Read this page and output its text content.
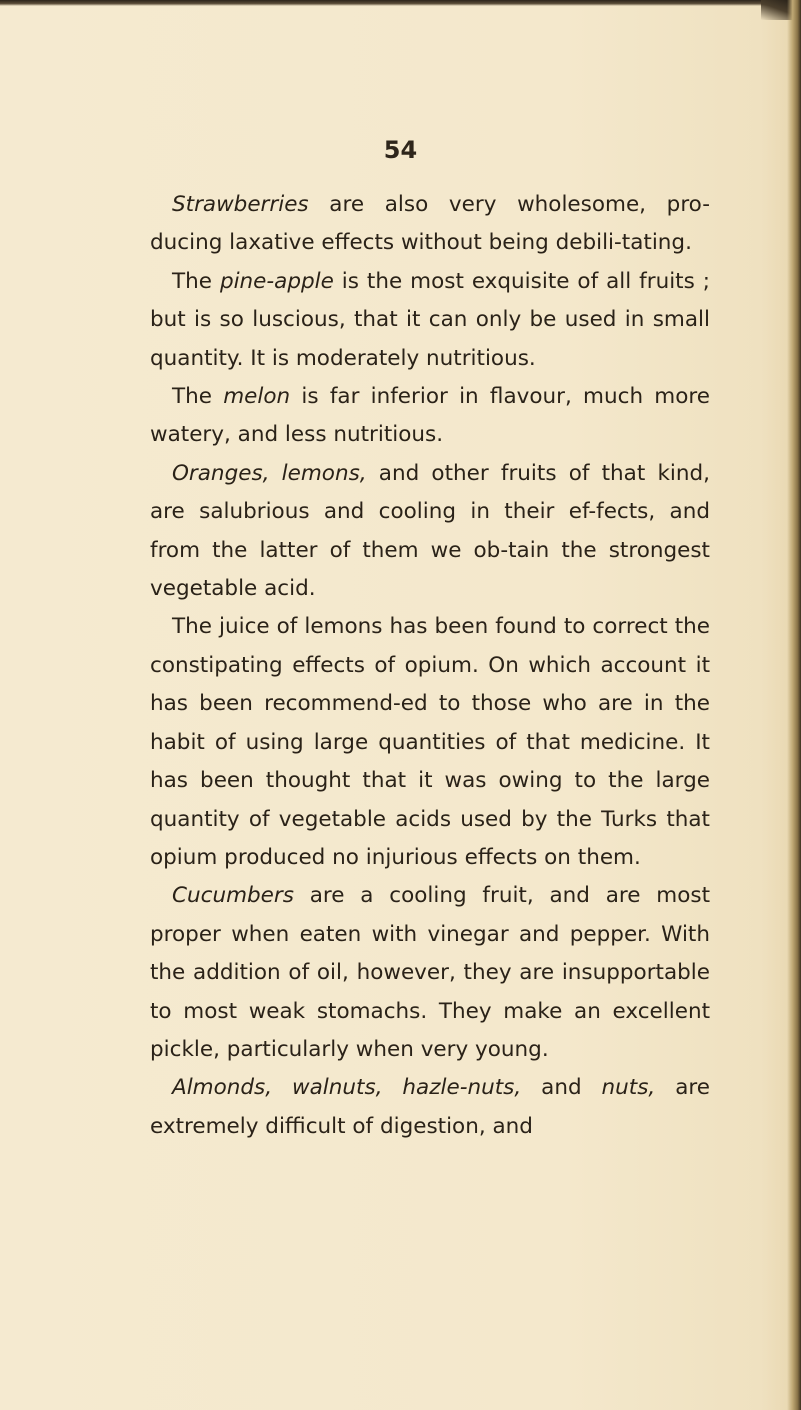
54

Strawberries are also very wholesome, pro-ducing laxative effects without being debili-tating.

The pine-apple is the most exquisite of all fruits ; but is so luscious, that it can only be used in small quantity. It is moderately nutritious.

The melon is far inferior in flavour, much more watery, and less nutritious.

Oranges, lemons, and other fruits of that kind, are salubrious and cooling in their ef-fects, and from the latter of them we ob-tain the strongest vegetable acid.

The juice of lemons has been found to correct the constipating effects of opium. On which account it has been recommend-ed to those who are in the habit of using large quantities of that medicine. It has been thought that it was owing to the large quantity of vegetable acids used by the Turks that opium produced no injurious effects on them.

Cucumbers are a cooling fruit, and are most proper when eaten with vinegar and pepper. With the addition of oil, however, they are insupportable to most weak stomachs. They make an excellent pickle, particularly when very young.

Almonds, walnuts, hazle-nuts, and nuts, are extremely difficult of digestion, and
